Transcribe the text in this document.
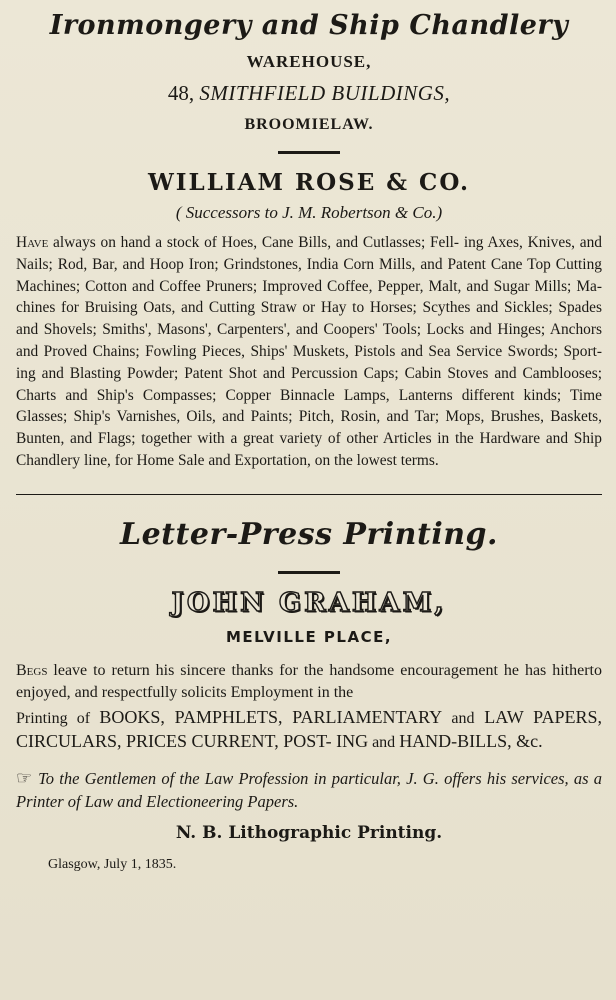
Ironmongery and Ship Chandlery
WAREHOUSE,
48, SMITHFIELD BUILDINGS,
BROOMIELAW.
WILLIAM ROSE & CO.
( Successors to J. M. Robertson & Co.)

Have always on hand a stock of Hoes, Cane Bills, and Cutlasses; Fell- ing Axes, Knives, and Nails; Rod, Bar, and Hoop Iron; Grindstones, India Corn Mills, and Patent Cane Top Cutting Machines; Cotton and Coffee Pruners; Improved Coffee, Pepper, Malt, and Sugar Mills; Ma- chines for Bruising Oats, and Cutting Straw or Hay to Horses; Scythes and Sickles; Spades and Shovels; Smiths', Masons', Carpenters', and Coopers' Tools; Locks and Hinges; Anchors and Proved Chains; Fowling Pieces, Ships' Muskets, Pistols and Sea Service Swords; Sport- ing and Blasting Powder; Patent Shot and Percussion Caps; Cabin Stoves and Camblooses; Charts and Ship's Compasses; Copper Binnacle Lamps, Lanterns different kinds; Time Glasses; Ship's Varnishes, Oils, and Paints; Pitch, Rosin, and Tar; Mops, Brushes, Baskets, Bunten, and Flags; together with a great variety of other Articles in the Hardware and Ship Chandlery line, for Home Sale and Exportation, on the lowest terms.

Letter-Press Printing.
JOHN GRAHAM,
MELVILLE PLACE,

Begs leave to return his sincere thanks for the handsome encouragement he has hitherto enjoyed, and respectfully solicits Employment in the

Printing of BOOKS, PAMPHLETS, PARLIAMENTARY and LAW PAPERS, CIRCULARS, PRICES CURRENT, POST- ING and HAND-BILLS, &c.

☞ To the Gentlemen of the Law Profession in particular, J. G. offers his services, as a Printer of Law and Electioneering Papers.
N. B. Lithographic Printing.
Glasgow, July 1, 1835.
